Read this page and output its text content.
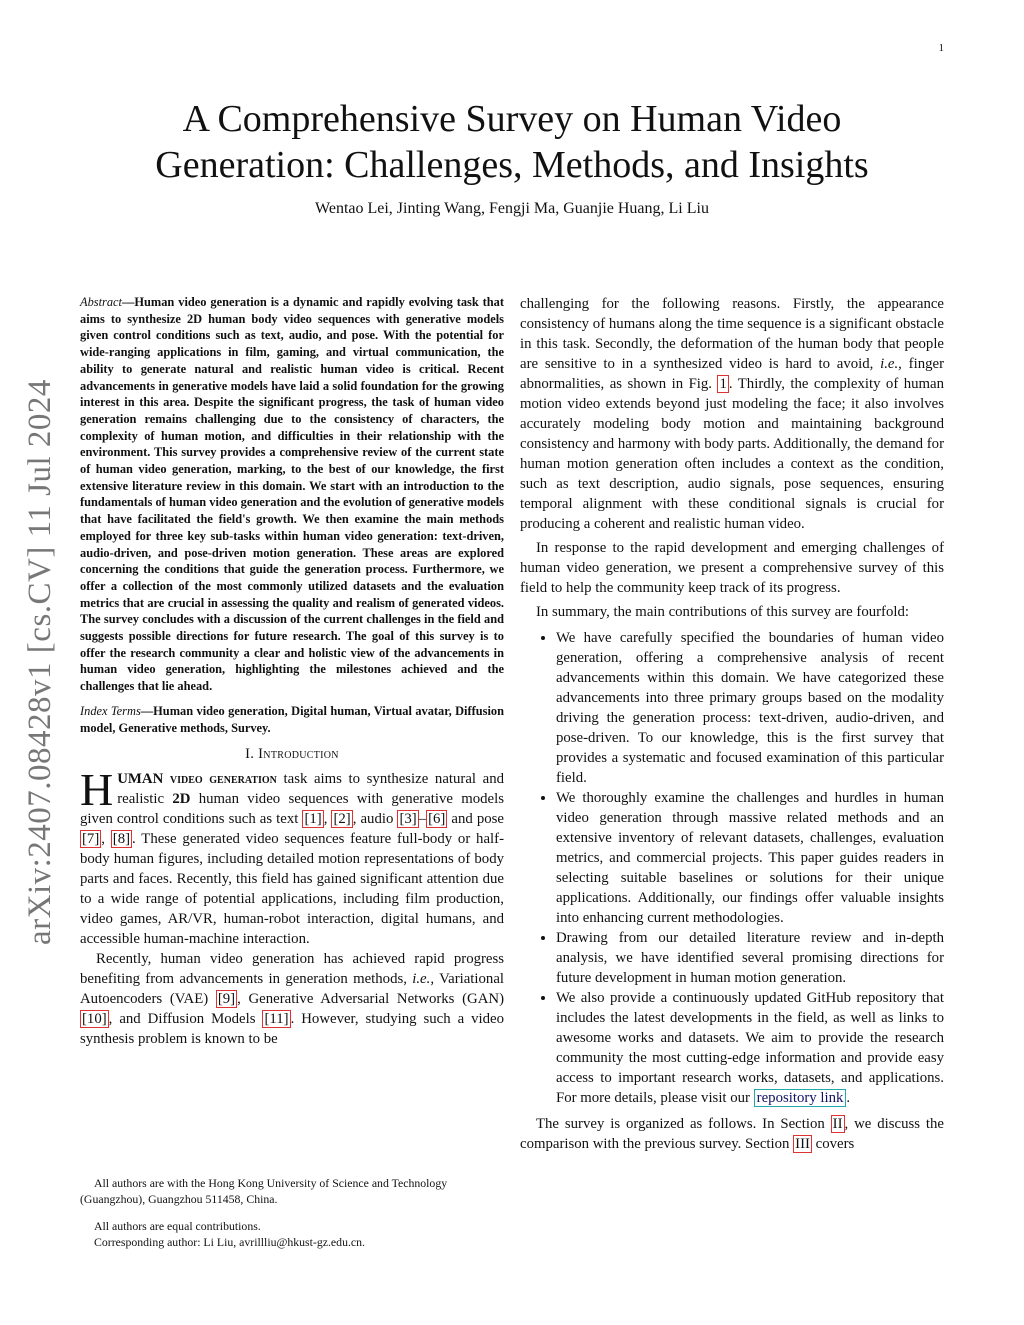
1
arXiv:2407.08428v1 [cs.CV] 11 Jul 2024
A Comprehensive Survey on Human Video
Generation: Challenges, Methods, and Insights
Wentao Lei, Jinting Wang, Fengji Ma, Guanjie Huang, Li Liu

Abstract—Human video generation is a dynamic and rapidly evolving task that aims to synthesize 2D human body video sequences with generative models given control conditions such as text, audio, and pose. With the potential for wide-ranging applications in film, gaming, and virtual communication, the ability to generate natural and realistic human video is critical. Recent advancements in generative models have laid a solid foundation for the growing interest in this area. Despite the significant progress, the task of human video generation remains challenging due to the consistency of characters, the complexity of human motion, and difficulties in their relationship with the environment. This survey provides a comprehensive review of the current state of human video generation, marking, to the best of our knowledge, the first extensive literature review in this domain. We start with an introduction to the fundamentals of human video generation and the evolution of generative models that have facilitated the field's growth. We then examine the main methods employed for three key sub-tasks within human video generation: text-driven, audio-driven, and pose-driven motion generation. These areas are explored concerning the conditions that guide the generation process. Furthermore, we offer a collection of the most commonly utilized datasets and the evaluation metrics that are crucial in assessing the quality and realism of generated videos. The survey concludes with a discussion of the current challenges in the field and suggests possible directions for future research. The goal of this survey is to offer the research community a clear and holistic view of the advancements in human video generation, highlighting the milestones achieved and the challenges that lie ahead.

Index Terms—Human video generation, Digital human, Virtual avatar, Diffusion model, Generative methods, Survey.

I. Introduction

HUMAN video generation task aims to synthesize natural and realistic 2D human video sequences with generative models given control conditions such as text [1] , [2] , audio [3] – [6] and pose [7] , [8] . These generated video sequences feature full-body or half-body human figures, including detailed motion representations of body parts and faces. Recently, this field has gained significant attention due to a wide range of potential applications, including film production, video games, AR/VR, human-robot interaction, digital humans, and accessible human-machine interaction.

Recently, human video generation has achieved rapid progress benefiting from advancements in generation methods, i.e., Variational Autoencoders (VAE) [9] , Generative Adversarial Networks (GAN) [10] , and Diffusion Models [11] . However, studying such a video synthesis problem is known to be

All authors are with the Hong Kong University of Science and Technology (Guangzhou), Guangzhou 511458, China.

All authors are equal contributions.

Corresponding author: Li Liu, avrillliu@hkust-gz.edu.cn.

challenging for the following reasons. Firstly, the appearance consistency of humans along the time sequence is a significant obstacle in this task. Secondly, the deformation of the human body that people are sensitive to in a synthesized video is hard to avoid, i.e., finger abnormalities, as shown in Fig. 1 . Thirdly, the complexity of human motion video extends beyond just modeling the face; it also involves accurately modeling body motion and maintaining background consistency and harmony with body parts. Additionally, the demand for human motion generation often includes a context as the condition, such as text description, audio signals, pose sequences, ensuring temporal alignment with these conditional signals is crucial for producing a coherent and realistic human video.

In response to the rapid development and emerging challenges of human video generation, we present a comprehensive survey of this field to help the community keep track of its progress.

In summary, the main contributions of this survey are fourfold:

• We have carefully specified the boundaries of human video generation, offering a comprehensive analysis of recent advancements within this domain. We have categorized these advancements into three primary groups based on the modality driving the generation process: text-driven, audio-driven, and pose-driven. To our knowledge, this is the first survey that provides a systematic and focused examination of this particular field.
• We thoroughly examine the challenges and hurdles in human video generation through massive related methods and an extensive inventory of relevant datasets, challenges, evaluation metrics, and commercial projects. This paper guides readers in selecting suitable baselines or solutions for their unique applications. Additionally, our findings offer valuable insights into enhancing current methodologies.
• Drawing from our detailed literature review and in-depth analysis, we have identified several promising directions for future development in human motion generation.
• We also provide a continuously updated GitHub repository that includes the latest developments in the field, as well as links to awesome works and datasets. We aim to provide the research community the most cutting-edge information and provide easy access to important research works, datasets, and applications. For more details, please visit our repository link .

The survey is organized as follows. In Section II , we discuss the comparison with the previous survey. Section III covers
